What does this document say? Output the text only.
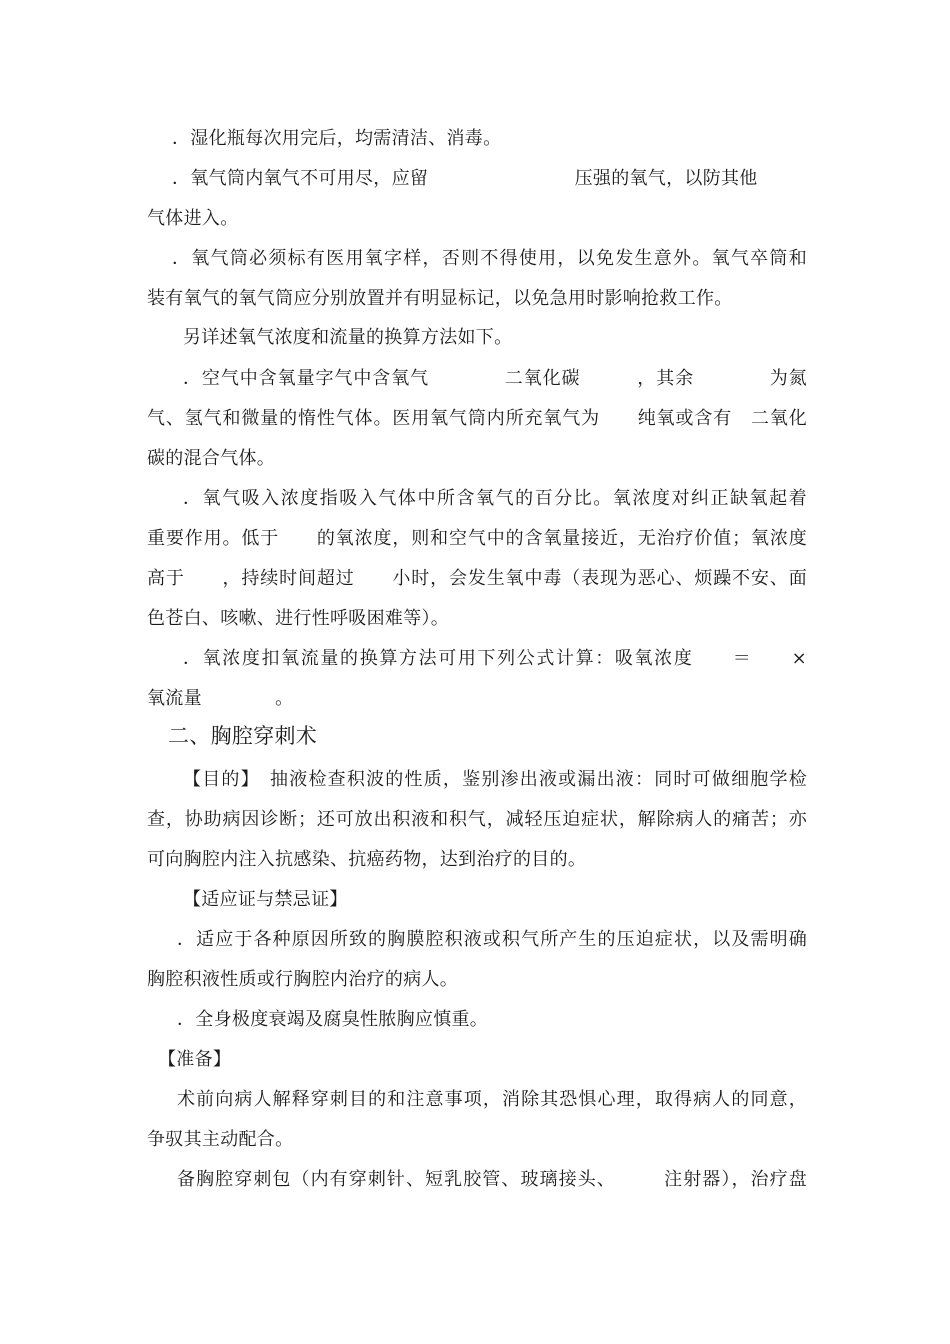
．湿化瓶每次用完后，均需清洁、消毒。
．氧气筒内氧气不可用尽，应留　　　　　　　　压强的氧气，以防其他
气体进入。
．氧气筒必须标有医用氧字样，否则不得使用，以免发生意外。氧气卒筒和
装有氧气的氧气筒应分别放置并有明显标记，以免急用时影响抢救工作。
另详述氧气浓度和流量的换算方法如下。
．空气中含氧量字气中含氧气　　　　二氧化碳　　　，其余　　　　为氮
气、氢气和微量的惰性气体。医用氧气筒内所充氧气为　　纯氧或含有　二氧化
碳的混合气体。
．氧气吸入浓度指吸入气体中所含氧气的百分比。氧浓度对纠正缺氧起着
重要作用。低于　　的氧浓度，则和空气中的含氧量接近，无治疗价值；氧浓度
高于　　，持续时间超过　　小时，会发生氧中毒（表现为恶心、烦躁不安、面
色苍白、咳嗽、进行性呼吸困难等）。
．氧浓度扣氧流量的换算方法可用下列公式计算：吸氧浓度　　＝　　×
氧流量　　　　。
二、胸腔穿刺术
【目的】　抽液检查积波的性质，鉴别渗出液或漏出液：同时可做细胞学检
查，协助病因诊断；还可放出积液和积气，减轻压迫症状，解除病人的痛苦；亦
可向胸腔内注入抗感染、抗癌药物，达到治疗的目的。
【适应证与禁忌证】
．适应于各种原因所致的胸膜腔积液或积气所产生的压迫症状，以及需明确
胸腔积液性质或行胸腔内治疗的病人。
．全身极度衰竭及腐臭性脓胸应慎重。
【准备】
术前向病人解释穿刺目的和注意事项，消除其恐惧心理，取得病人的同意，
争驭其主动配合。
备胸腔穿刺包（内有穿刺针、短乳胶管、玻璃接头、　　　注射器），治疗盘
